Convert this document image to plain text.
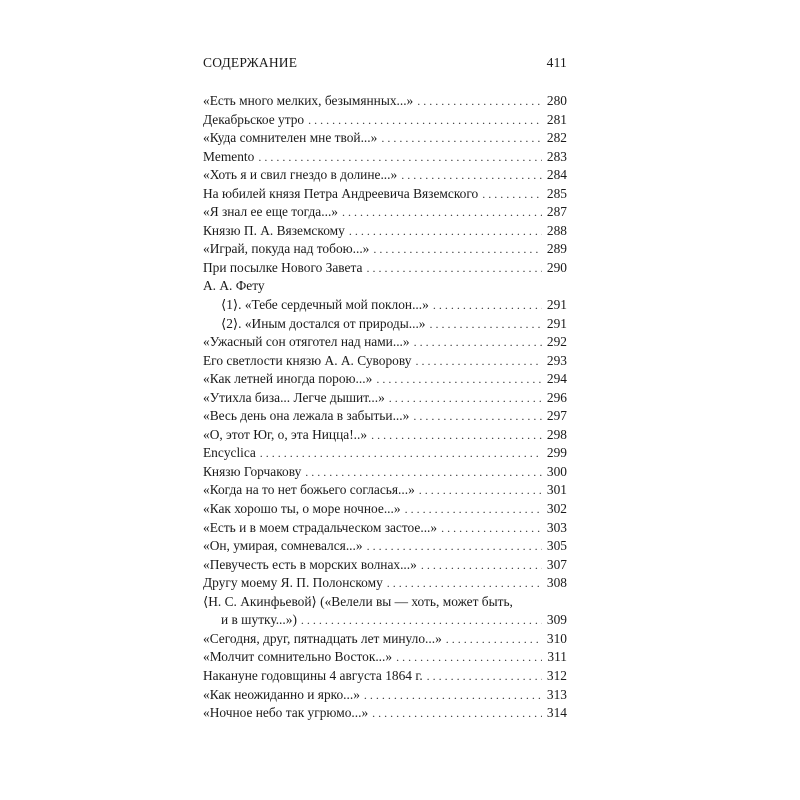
СОДЕРЖАНИЕ	411
«Есть много мелких, безымянных...» . . .	280
Декабрьское утро . . .	281
«Куда сомнителен мне твой...» . . .	282
Memento . . .	283
«Хоть я и свил гнездо в долине...» . . .	284
На юбилей князя Петра Андреевича Вяземского . . .	285
«Я знал ее еще тогда...» . . .	287
Князю П. А. Вяземскому . . .	288
«Играй, покуда над тобою...» . . .	289
При посылке Нового Завета . . .	290
А. А. Фету
⟨1⟩. «Тебе сердечный мой поклон...» . . .	291
⟨2⟩. «Иным достался от природы...» . . .	291
«Ужасный сон отяготел над нами...» . . .	292
Его светлости князю А. А. Суворову . . .	293
«Как летней иногда порою...» . . .	294
«Утихла биза... Легче дышит...» . . .	296
«Весь день она лежала в забытьи...» . . .	297
«О, этот Юг, о, эта Ницца!..» . . .	298
Encyclica . . .	299
Князю Горчакову . . .	300
«Когда на то нет божьего согласья...» . . .	301
«Как хорошо ты, о море ночное...» . . .	302
«Есть и в моем страдальческом застое...» . . .	303
«Он, умирая, сомневался...» . . .	305
«Певучесть есть в морских волнах...» . . .	307
Другу моему Я. П. Полонскому . . .	308
⟨Н. С. Акинфьевой⟩ («Велели вы — хоть, может быть,
и в шутку...») . . .	309
«Сегодня, друг, пятнадцать лет минуло...» . . .	310
«Молчит сомнительно Восток...» . . .	311
Накануне годовщины 4 августа 1864 г. . . .	312
«Как неожиданно и ярко...» . . .	313
«Ночное небо так угрюмо...» . . .	314
